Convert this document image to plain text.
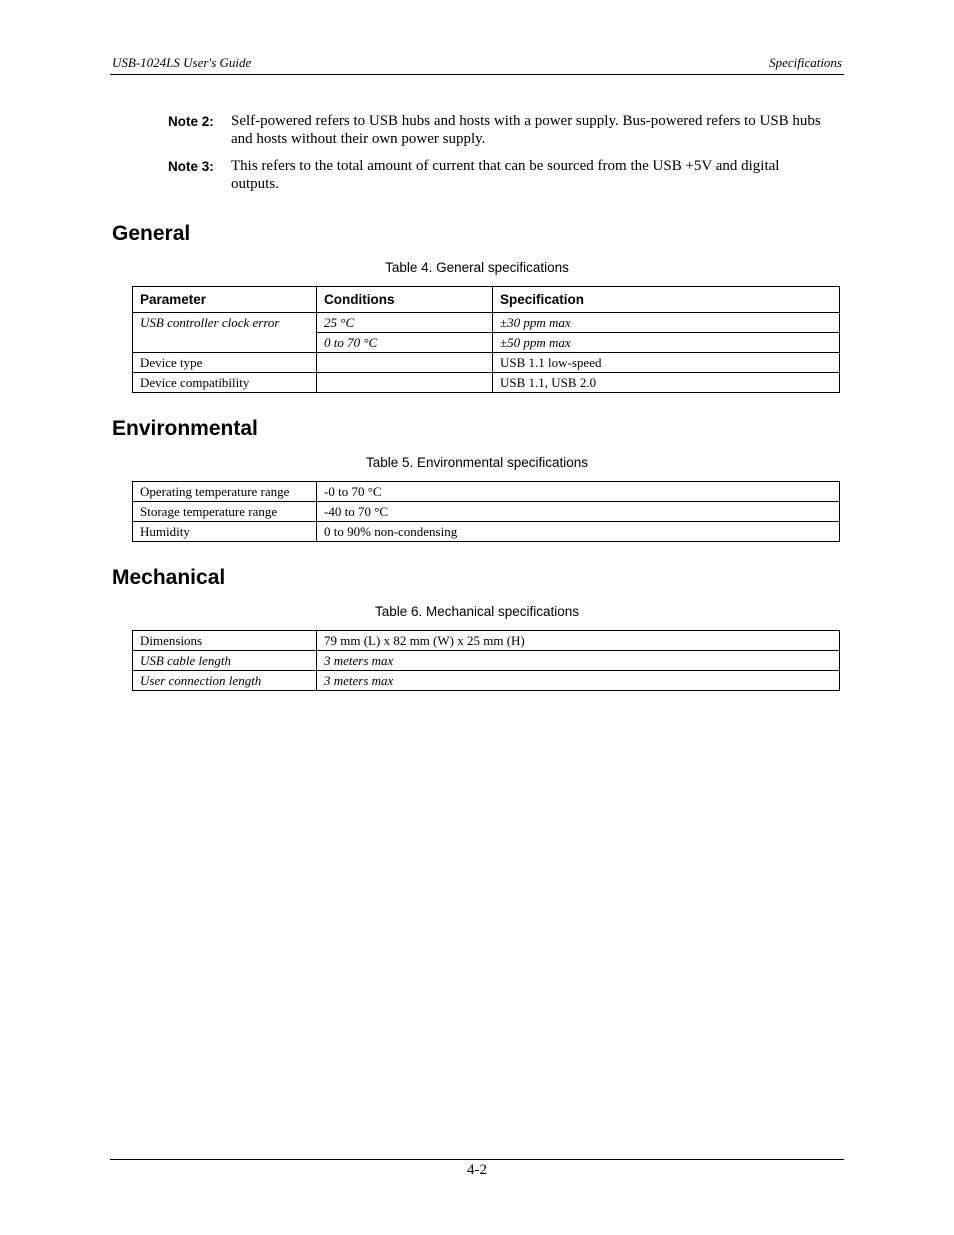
USB-1024LS User's Guide	Specifications
Note 2:	Self-powered refers to USB hubs and hosts with a power supply. Bus-powered refers to USB hubs and hosts without their own power supply.
Note 3:	This refers to the total amount of current that can be sourced from the USB +5V and digital outputs.
General
Table 4. General specifications
Parameter	Conditions	Specification
USB controller clock error	25 °C	±30 ppm max
	0 to 70 °C	±50 ppm max
Device type		USB 1.1 low-speed
Device compatibility		USB 1.1, USB 2.0
Environmental
Table 5. Environmental specifications
Operating temperature range	-0 to 70 °C
Storage temperature range	-40 to 70 °C
Humidity	0 to 90% non-condensing
Mechanical
Table 6. Mechanical specifications
Dimensions	79 mm (L) x 82 mm (W) x 25 mm (H)
USB cable length	3 meters max
User connection length	3 meters max
4-2
